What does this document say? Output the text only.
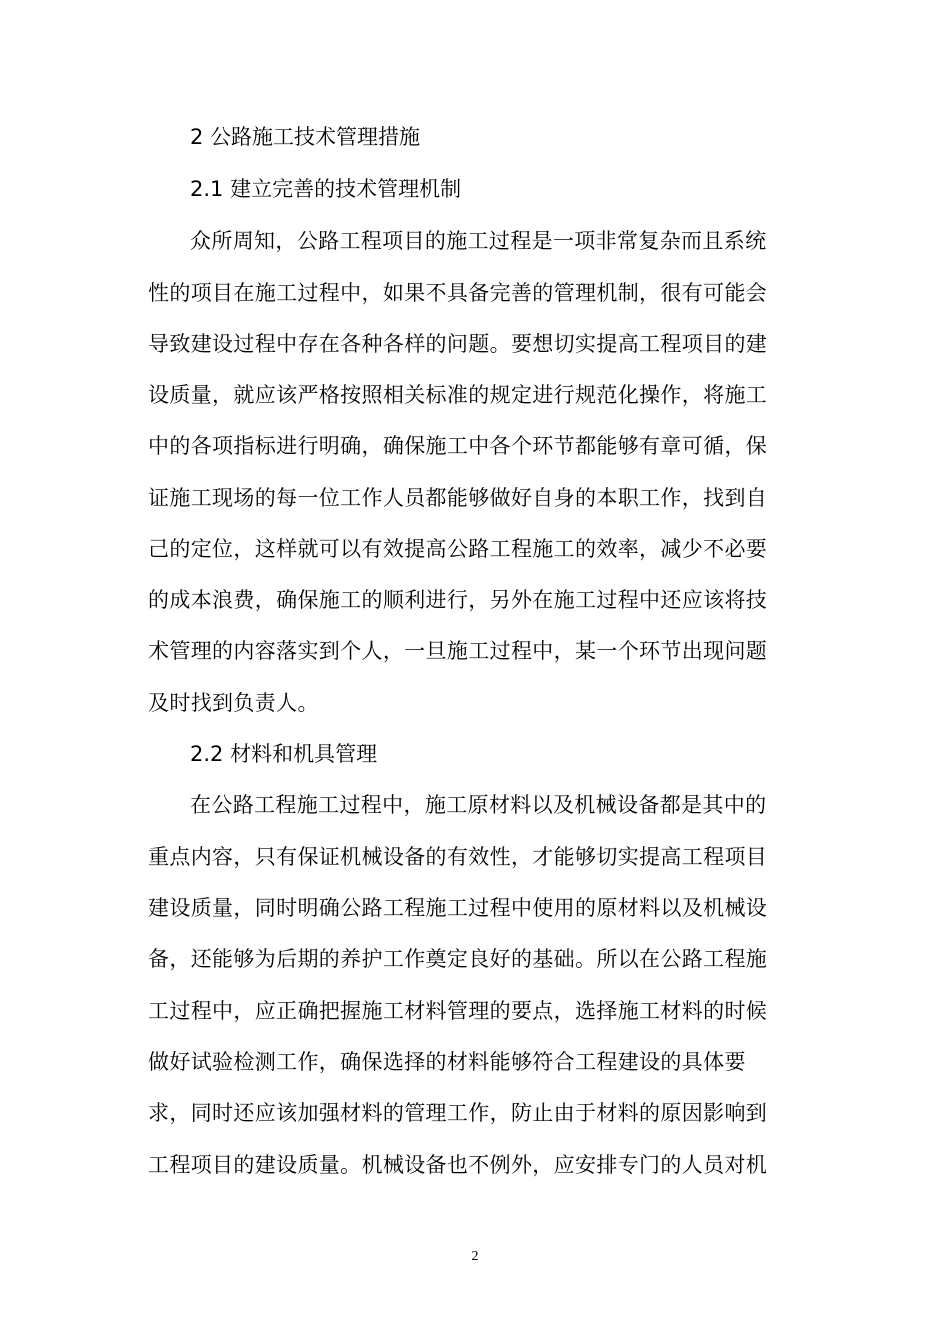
2 公路施工技术管理措施
2.1 建立完善的技术管理机制
众所周知，公路工程项目的施工过程是一项非常复杂而且系统
性的项目在施工过程中，如果不具备完善的管理机制，很有可能会
导致建设过程中存在各种各样的问题。要想切实提高工程项目的建
设质量，就应该严格按照相关标准的规定进行规范化操作，将施工
中的各项指标进行明确，确保施工中各个环节都能够有章可循，保
证施工现场的每一位工作人员都能够做好自身的本职工作，找到自
己的定位，这样就可以有效提高公路工程施工的效率，减少不必要
的成本浪费，确保施工的顺利进行，另外在施工过程中还应该将技
术管理的内容落实到个人，一旦施工过程中，某一个环节出现问题
及时找到负责人。
2.2 材料和机具管理
在公路工程施工过程中，施工原材料以及机械设备都是其中的
重点内容，只有保证机械设备的有效性，才能够切实提高工程项目
建设质量，同时明确公路工程施工过程中使用的原材料以及机械设
备，还能够为后期的养护工作奠定良好的基础。所以在公路工程施
工过程中，应正确把握施工材料管理的要点，选择施工材料的时候
做好试验检测工作，确保选择的材料能够符合工程建设的具体要
求，同时还应该加强材料的管理工作，防止由于材料的原因影响到
工程项目的建设质量。机械设备也不例外，应安排专门的人员对机
2
